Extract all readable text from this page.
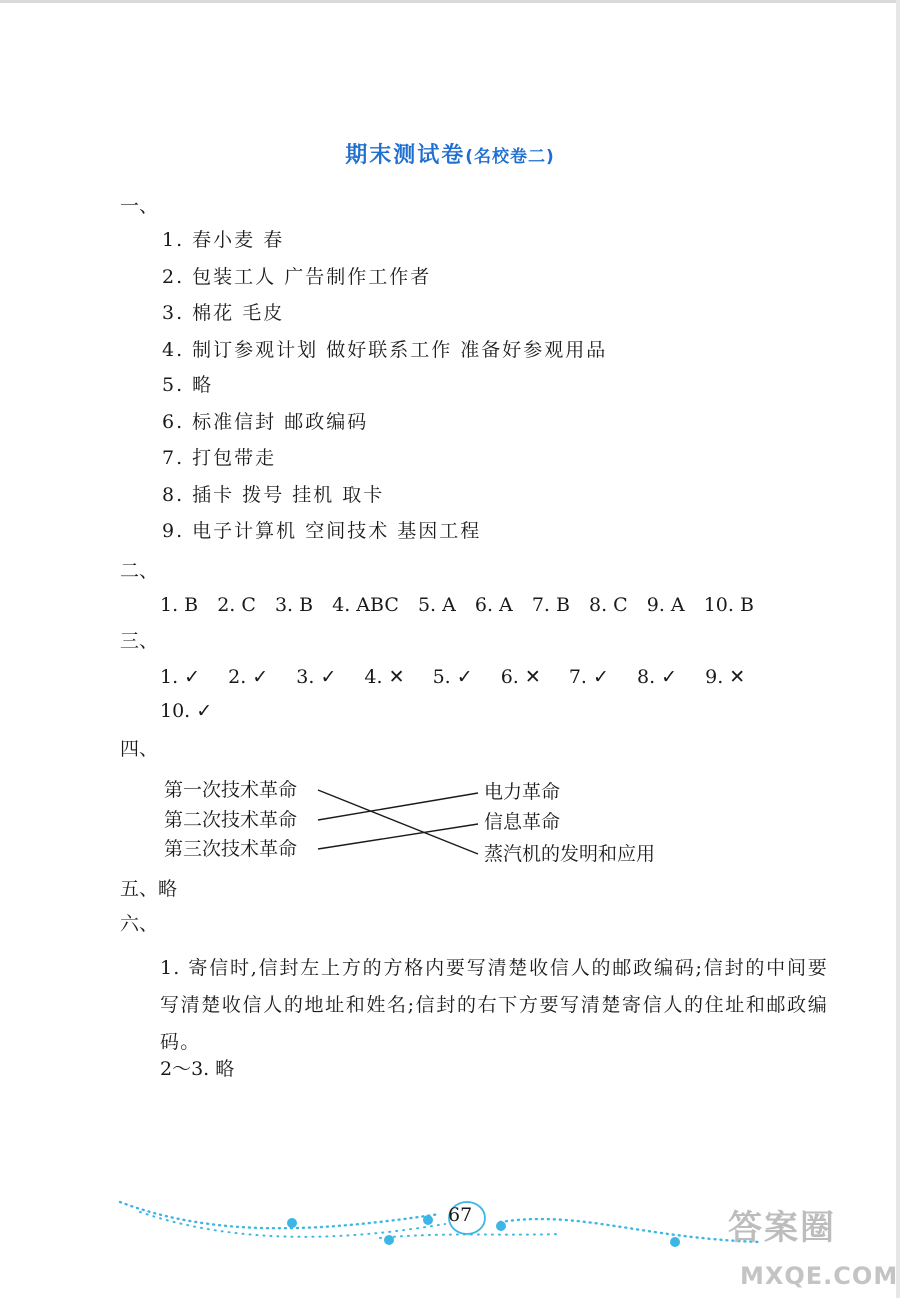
期末测试卷(名校卷二)
一、
1. 春小麦 春
2. 包装工人 广告制作工作者
3. 棉花 毛皮
4. 制订参观计划 做好联系工作 准备好参观用品
5. 略
6. 标准信封 邮政编码
7. 打包带走
8. 插卡 拨号 挂机 取卡
9. 电子计算机 空间技术 基因工程
二、
1. B 2. C 3. B 4. ABC 5. A 6. A 7. B 8. C 9. A 10. B
三、
1. ✓ 2. ✓ 3. ✓ 4. ✕ 5. ✓ 6. ✕ 7. ✓ 8. ✓ 9. ✕
10. ✓
四、
第一次技术革命
第二次技术革命
第三次技术革命
电力革命
信息革命
蒸汽机的发明和应用
五、略
六、
1. 寄信时,信封左上方的方格内要写清楚收信人的邮政编码;信封的中间要写清楚收信人的地址和姓名;信封的右下方要写清楚寄信人的住址和邮政编码。
2～3. 略
67	答案圈
MXQE.COM
